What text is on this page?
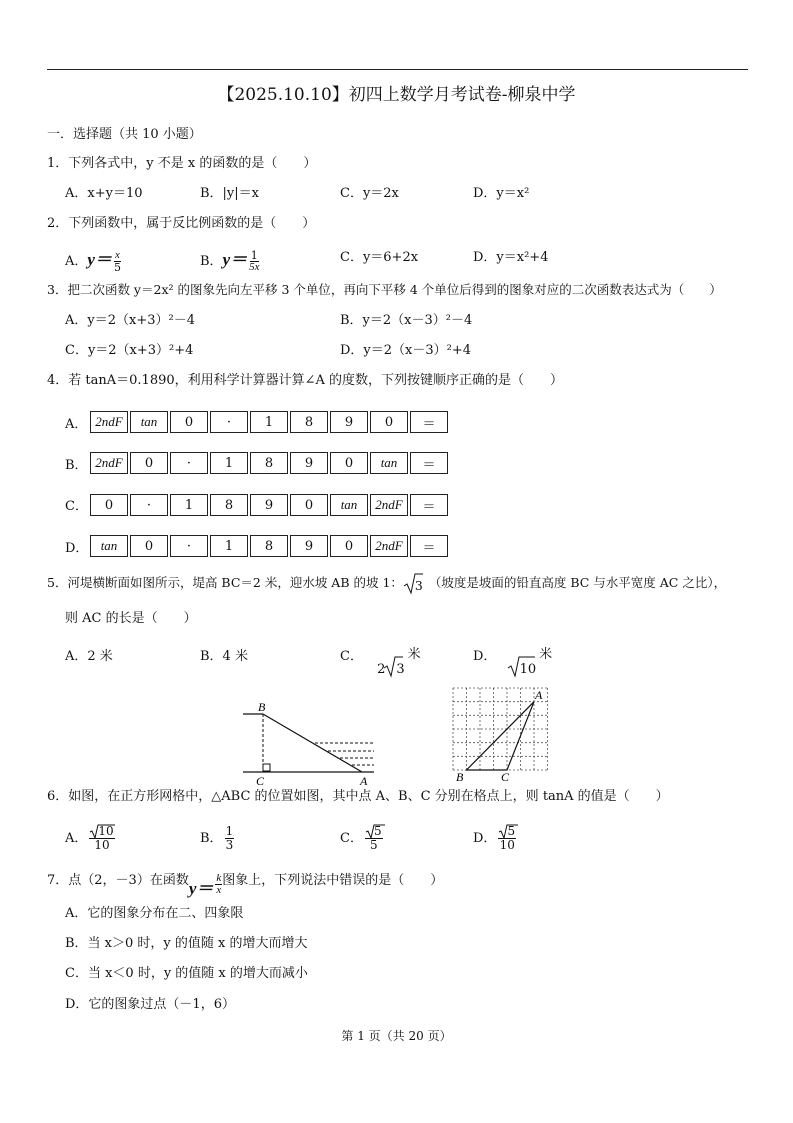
【2025.10.10】初四上数学月考试卷-柳泉中学
一．选择题（共 10 小题）
1．下列各式中，y 不是 x 的函数的是（　　）
A．x+y＝10	B．|y|＝x	C．y＝2x	D．y＝x²
2．下列函数中，属于反比例函数的是（　　）
A．$y= \frac{x}{5}$	B．$y= \frac{1}{5x}$	C．y＝6+2x	D．y＝x²+4
3．把二次函数 y＝2x² 的图象先向左平移 3 个单位，再向下平移 4 个单位后得到的图象对应的二次函数表达式为（　　）
A．y＝2（x+3）²－4	B．y＝2（x－3）²－4
C．y＝2（x+3）²+4	D．y＝2（x－3）²+4
4．若 tanA＝0.1890，利用科学计算器计算∠A 的度数，下列按键顺序正确的是（　　）
A． 2ndF	tan	0	·	1	8	9	0	＝
B． 2ndF	0	·	1	8	9	0	tan	＝
C．	0	·	1	8	9	0	tan	2ndF	＝
D． tan	0	·	1	8	9	0	2ndF	＝
5．河堤横断面如图所示，堤高 BC＝2 米，迎水坡 AB 的坡 1： 3 （坡度是坡面的铅直高度 BC 与水平宽度 AC 之比），
则 AC 的长是（　　）
A．2 米	B．4 米	C． 2 3米	D．
10米
B
C	A
A
B	C
6．如图，在正方形网格中，△ABC 的位置如图，其中点 A、B、C 分别在格点上，则 tanA 的值是（　　）
A． $\frac{10}{10}$	B． $\frac{1}{3}$	C． $\frac{5}{5}$	D． $\frac{5}{10}$
7．点（2，－3）在函数$y= \frac{k}{x}$ 图象上，下列说法中错误的是（　　）
A．它的图象分布在二、四象限
B．当 x＞0 时，y 的值随 x 的增大而增大
C．当 x＜0 时，y 的值随 x 的增大而减小
D．它的图象过点（－1，6）
第 1 页（共 20 页）
